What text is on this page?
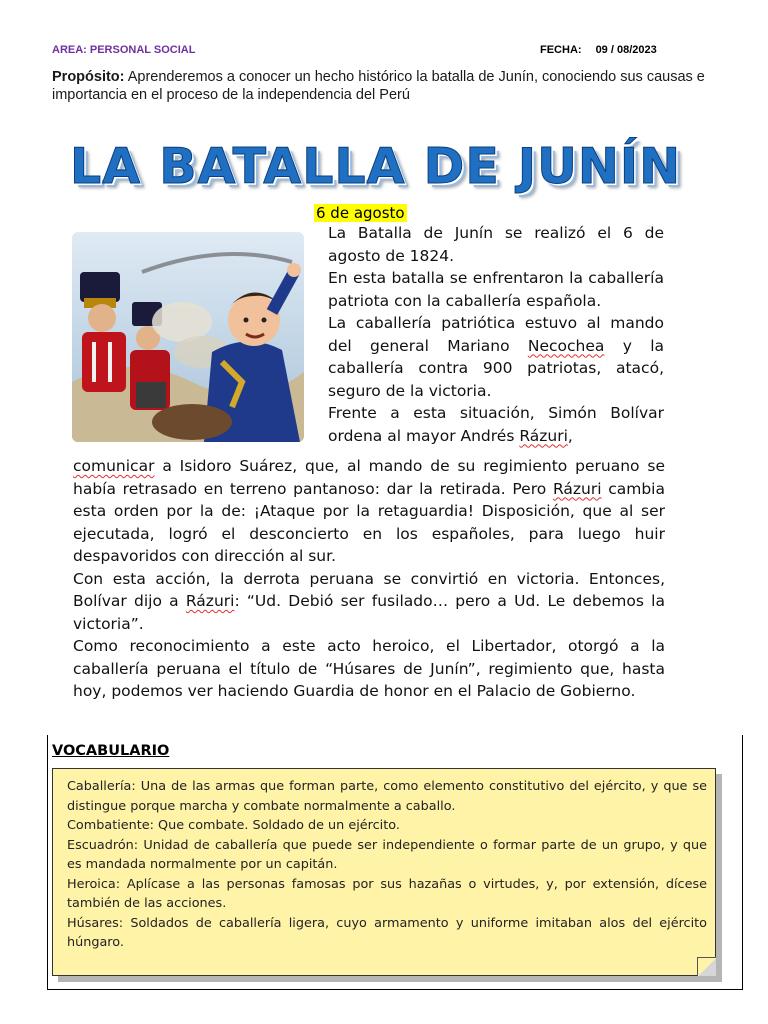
AREA: PERSONAL SOCIAL	FECHA: 09 / 08/2023
Propósito: Aprenderemos a conocer un hecho histórico la batalla de Junín, conociendo sus causas e importancia en el proceso de la independencia del Perú
LA BATALLA DE JUNÍN
6 de agosto

La Batalla de Junín se realizó el 6 de agosto de 1824.

En esta batalla se enfrentaron la caballería patriota con la caballería española.

La caballería patriótica estuvo al mando del general Mariano Necochea y la caballería contra 900 patriotas, atacó, seguro de la victoria.

Frente a esta situación, Simón Bolívar ordena al mayor Andrés Rázuri,

comunicar a Isidoro Suárez, que, al mando de su regimiento peruano se había retrasado en terreno pantanoso: dar la retirada. Pero Rázuri cambia esta orden por la de: ¡Ataque por la retaguardia! Disposición, que al ser ejecutada, logró el desconcierto en los españoles, para luego huir despavoridos con dirección al sur.

Con esta acción, la derrota peruana se convirtió en victoria. Entonces, Bolívar dijo a Rázuri: “Ud. Debió ser fusilado… pero a Ud. Le debemos la victoria”.

Como reconocimiento a este acto heroico, el Libertador, otorgó a la caballería peruana el título de “Húsares de Junín”, regimiento que, hasta hoy, podemos ver haciendo Guardia de honor en el Palacio de Gobierno.

VOCABULARIO
Caballería: Una de las armas que forman parte, como elemento constitutivo del ejército, y que se distingue porque marcha y combate normalmente a caballo.
Combatiente: Que combate. Soldado de un ejército.
Escuadrón: Unidad de caballería que puede ser independiente o formar parte de un grupo, y que es mandada normalmente por un capitán.
Heroica: Aplícase a las personas famosas por sus hazañas o virtudes, y, por extensión, dícese también de las acciones.
Húsares: Soldados de caballería ligera, cuyo armamento y uniforme imitaban alos del ejército húngaro.
